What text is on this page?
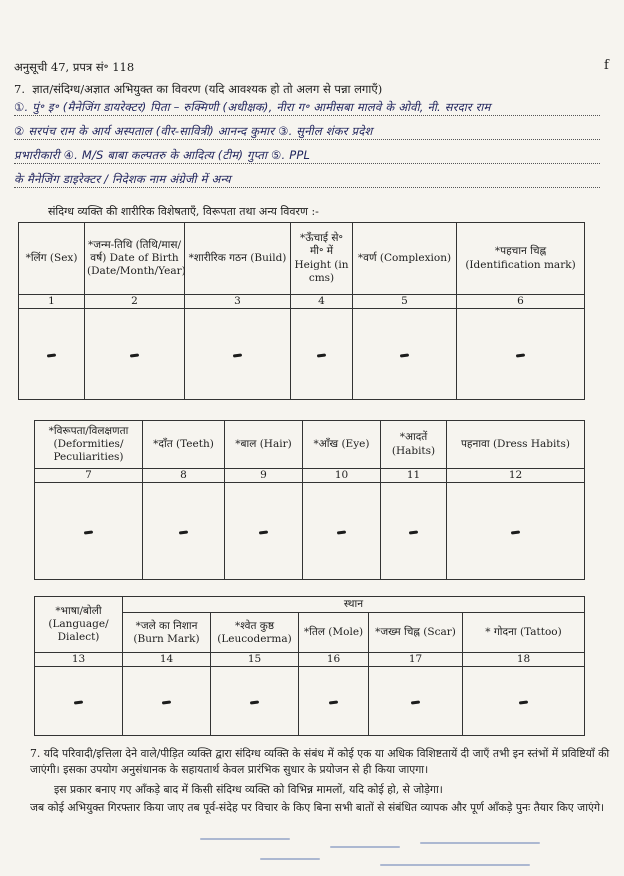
अनुसूची 47, प्रपत्र सं॰ 118	f
7. ज्ञात/संदिग्ध/अज्ञात अभियुक्त का विवरण (यदि आवश्यक हो तो अलग से पन्ना लगाएँ)
①. पुं॰ इ॰ (मैनेजिंग डायरेक्टर) पिता – रुक्मिणी (अधीक्षक), नीरा ग॰ आमीसबा मालवे के ओवी, नी. सरदार राम
② सरपंच राम के आर्य अस्पताल (वीर-सावित्री) आनन्द कुमार ③. सुनील शंकर प्रदेश
प्रभारीकारी ④. M/S बाबा कल्पतरु के आदित्य (टीम) गुप्ता ⑤. PPL
के मैनेजिंग डाइरेक्टर / निदेशक नाम अंग्रेजी में अन्य
संदिग्ध व्यक्ति की शारीरिक विशेषताएँ, विरूपता तथा अन्य विवरण :-
*लिंग (Sex)	*जन्म-तिथि (तिथि/मास/वर्ष) Date of Birth (Date/Month/Year)	*शारीरिक गठन (Build)	*ऊँचाई से॰ मी॰ में Height (in cms)	*वर्ण (Complexion)	*पहचान चिह्न (Identification mark)
1	2	3	4	5	6

*विरूपता/विलक्षणता (Deformities/ Peculiarities)	*दाँत (Teeth)	*बाल (Hair)	*आँख (Eye)	*आदतें (Habits)	पहनावा (Dress Habits)
7	8	9	10	11	12

*भाषा/बोली (Language/ Dialect)	स्थान				
	*जले का निशान (Burn Mark)	*श्वेत कुष्ठ (Leucoderma)	*तिल (Mole)	*जख्म चिह्न (Scar)	* गोदना (Tattoo)
13	14	15	16	17	18

7. यदि परिवादी/इत्तिला देने वाले/पीड़ित व्यक्ति द्वारा संदिग्ध व्यक्ति के संबंध में कोई एक या अधिक विशिष्टतायें दी जाएँ तभी इन स्तंभों में प्रविष्टियाँ की जाएंगी। इसका उपयोग अनुसंधानक के सहायतार्थ केवल प्रारंभिक सुधार के प्रयोजन से ही किया जाएगा।
इस प्रकार बनाए गए आँकड़े बाद में किसी संदिग्ध व्यक्ति को विभिन्न मामलों, यदि कोई हो, से जोड़ेगा।
जब कोई अभियुक्त गिरफ्तार किया जाए तब पूर्व-संदेह पर विचार के किए बिना सभी बातों से संबंधित व्यापक और पूर्ण आँकड़े पुनः तैयार किए जाएंगे।
